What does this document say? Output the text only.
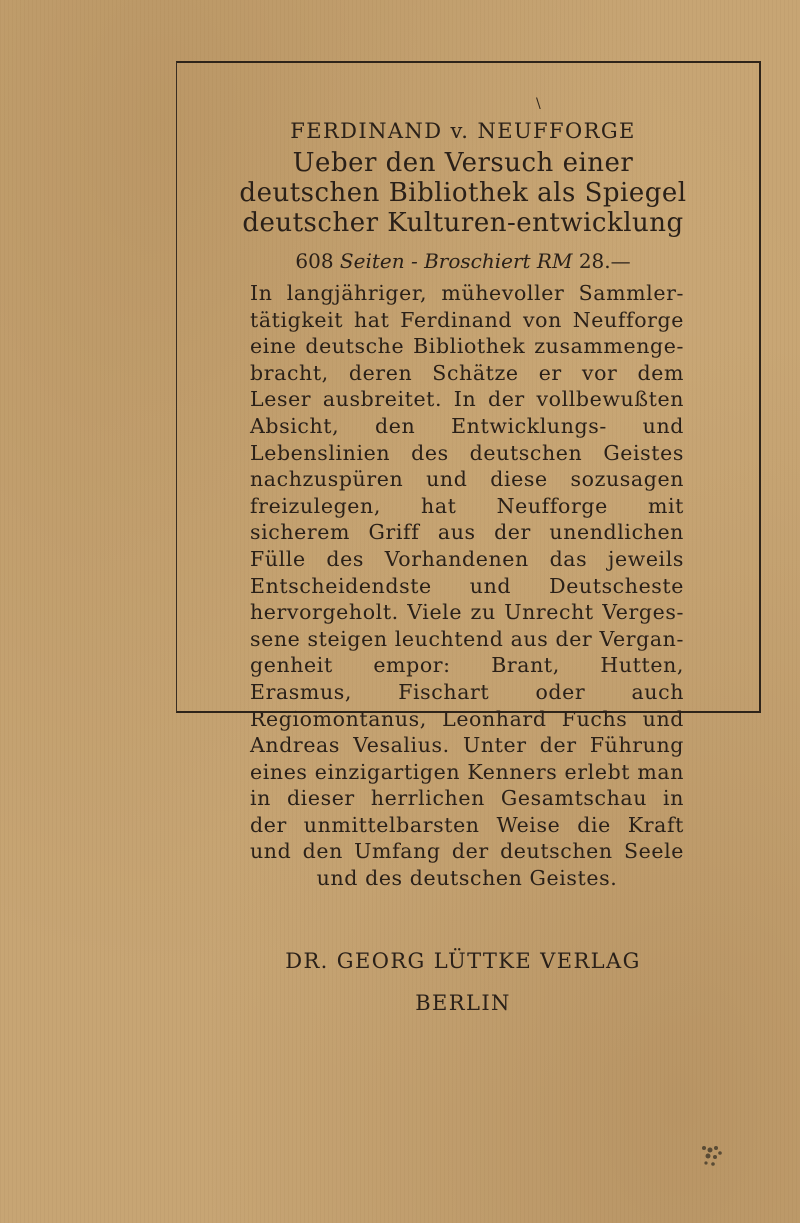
\
FERDINAND v. NEUFFORGE
Ueber den Versuch einer deutschen Bibliothek als Spiegel deutscher Kulturen-entwicklung
608 Seiten - Broschiert RM 28.—
In langjähriger, mühevoller Sammler-tätigkeit hat Ferdinand von Neufforge eine deutsche Bibliothek zusammenge-bracht, deren Schätze er vor dem Leser ausbreitet. In der vollbewußten Absicht, den Entwicklungs- und Lebenslinien des deutschen Geistes nachzuspüren und diese sozusagen freizulegen, hat Neufforge mit sicherem Griff aus der unendlichen Fülle des Vorhandenen das jeweils Entscheidendste und Deutscheste hervorgeholt. Viele zu Unrecht Verges-sene steigen leuchtend aus der Vergan-genheit empor: Brant, Hutten, Erasmus, Fischart oder auch Regiomontanus, Leonhard Fuchs und Andreas Vesalius. Unter der Führung eines einzigartigen Kenners erlebt man in dieser herrlichen Gesamtschau in der unmittelbarsten Weise die Kraft und den Umfang der deutschen Seele und des deutschen Geistes.
DR. GEORG LÜTTKE VERLAG
BERLIN
